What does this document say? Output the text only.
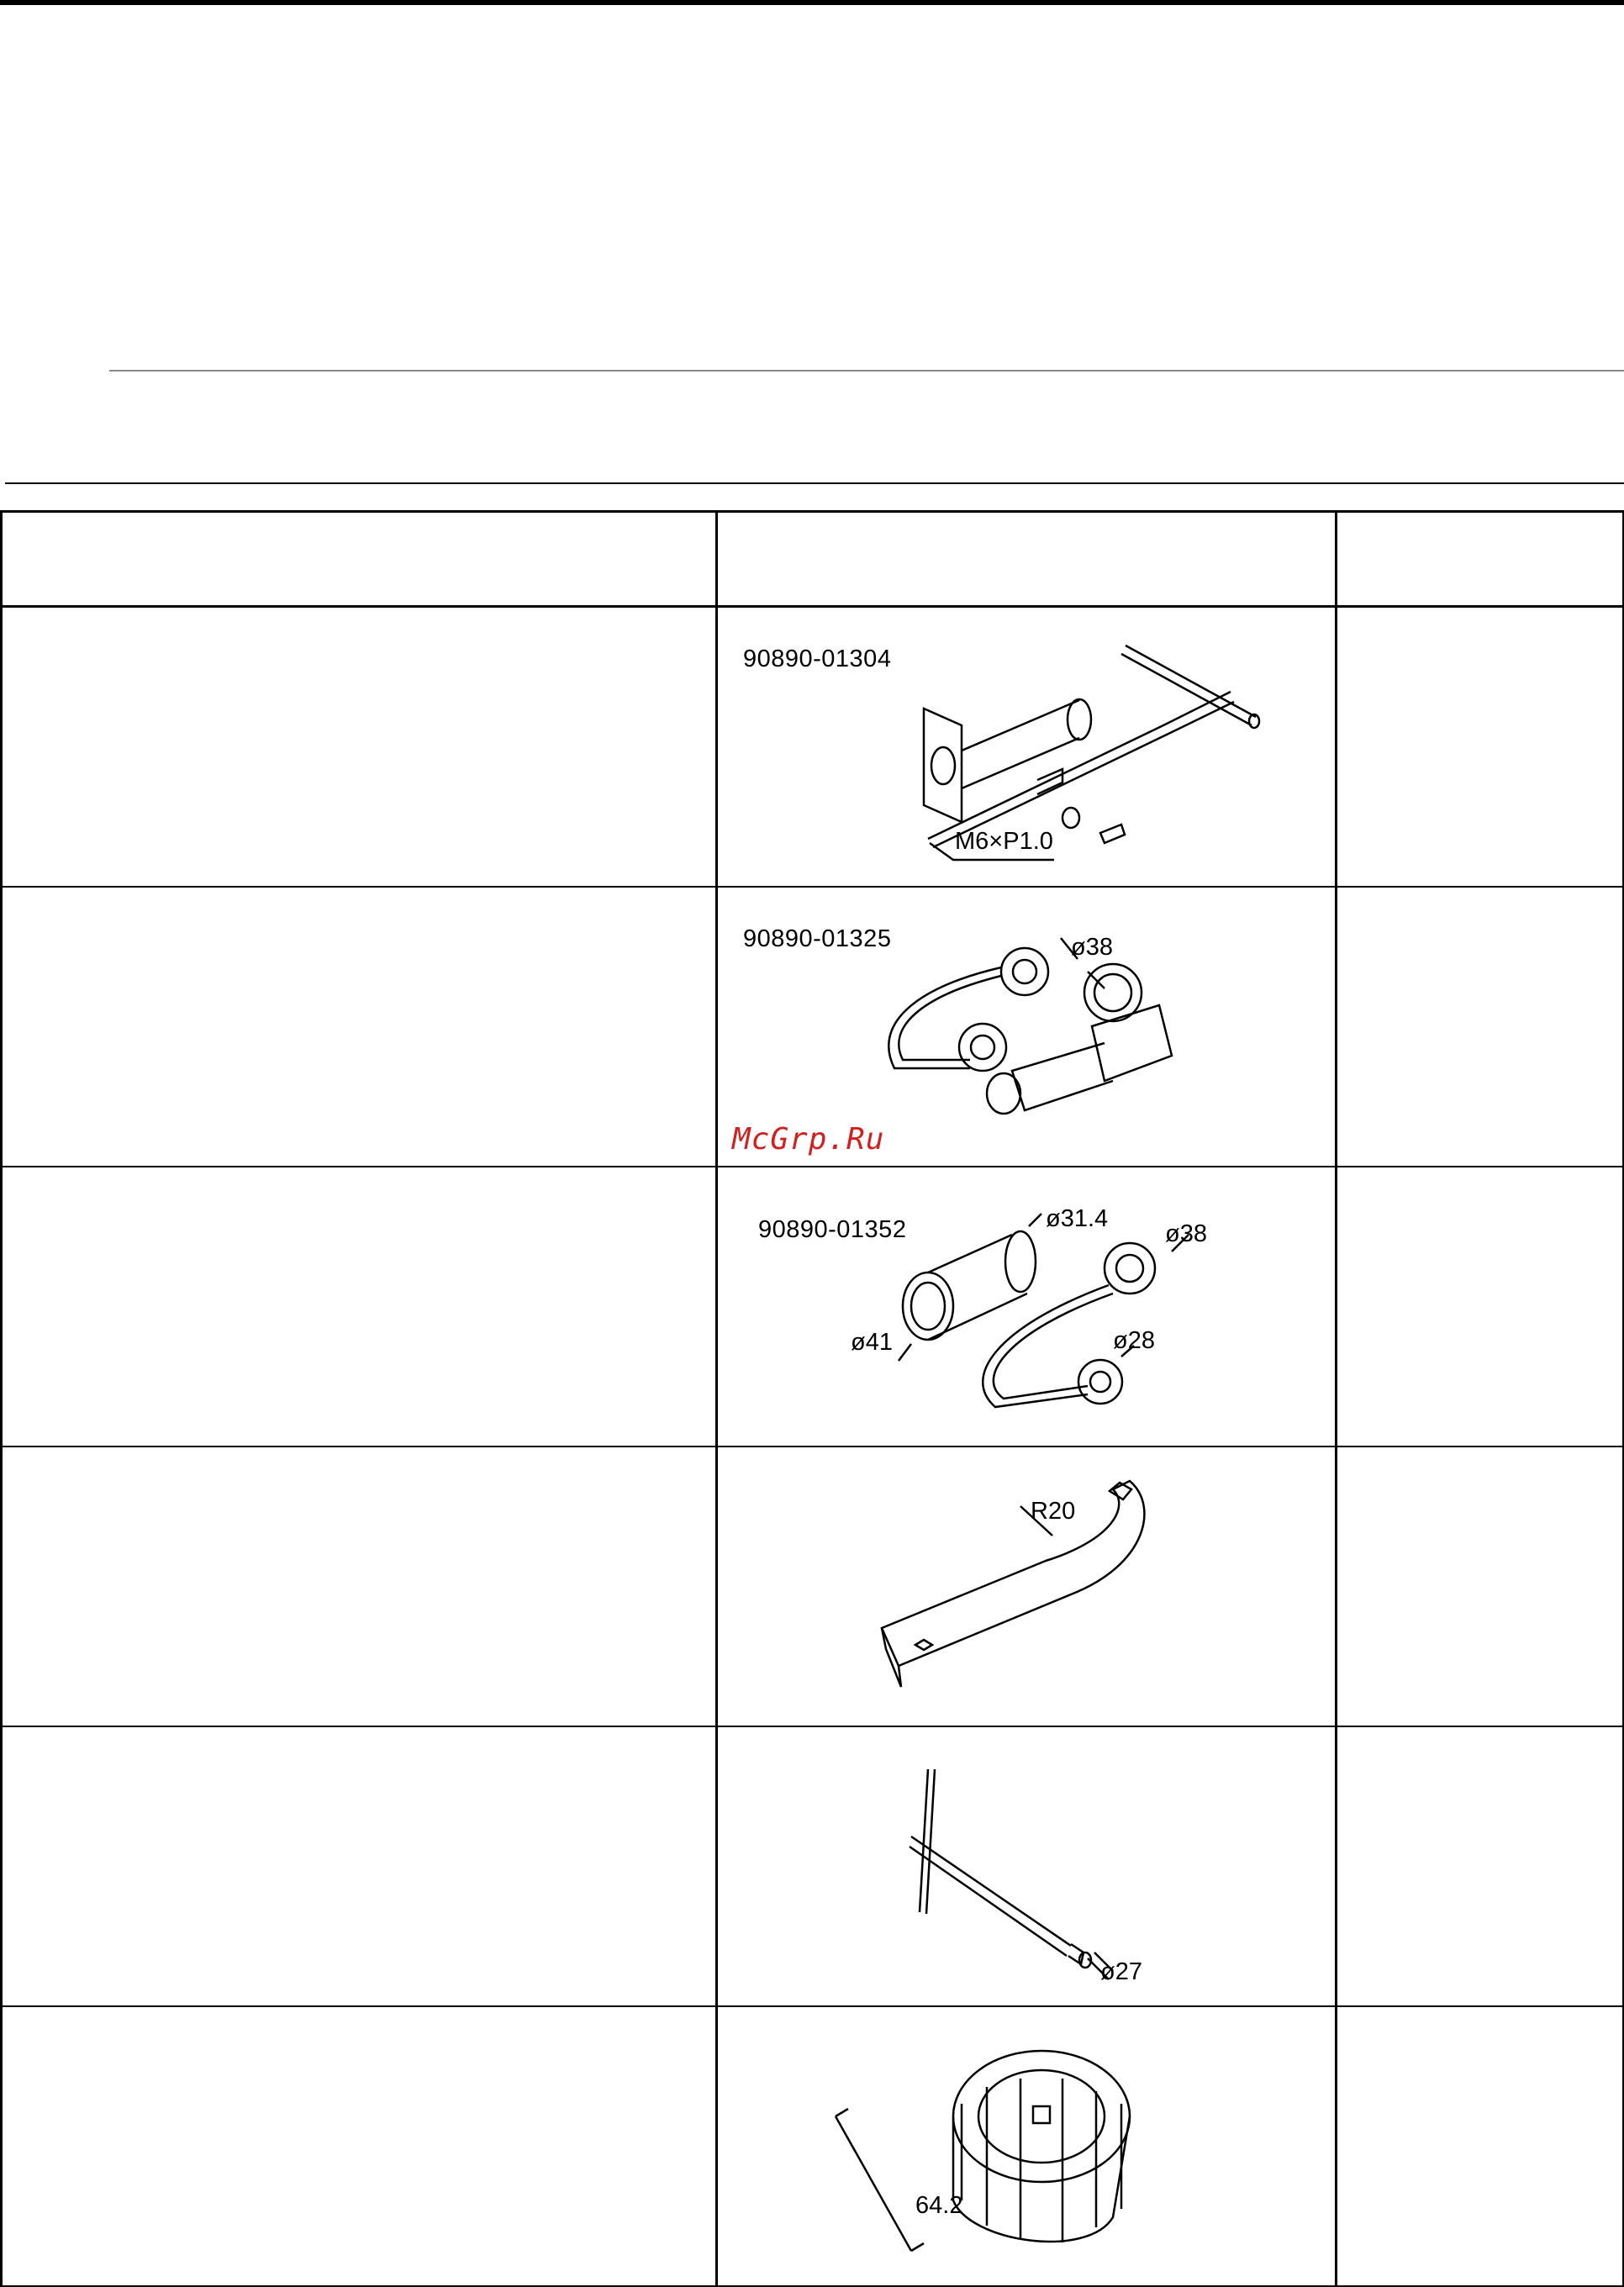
	90890-01304
M6×P1.0	

	90890-01325 ø38	

	90890-01352 ø31.4
ø38
ø41 ø28	

	R20	

	ø27	

	64.2	

McGrp.Ru
